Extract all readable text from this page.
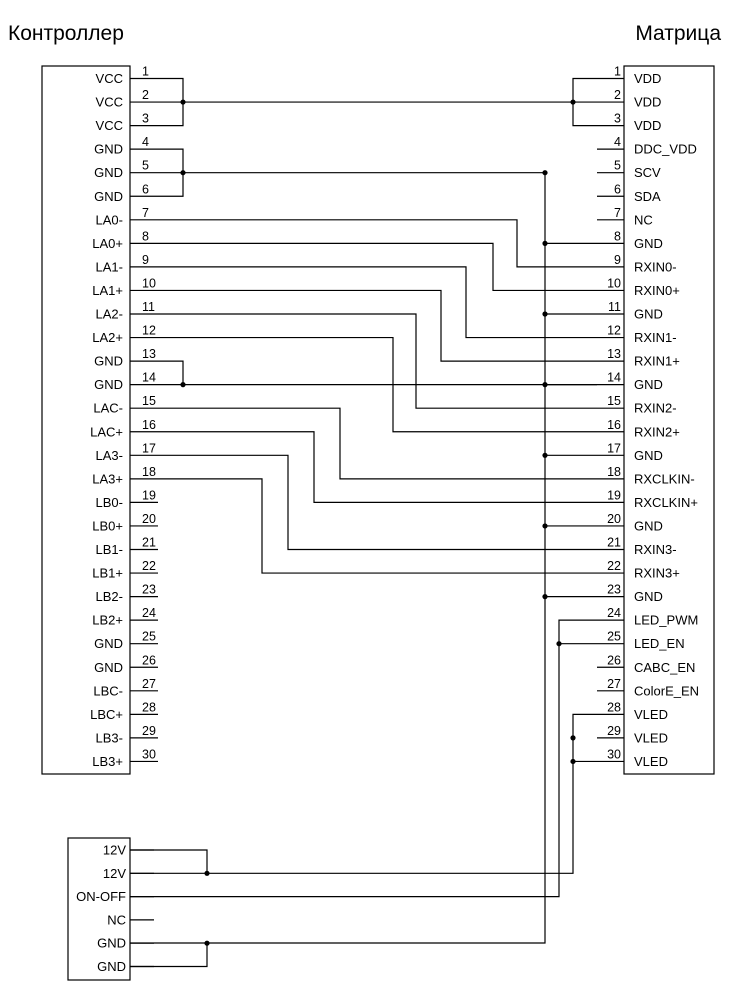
Контроллер	Матрица
VCC 1
VCC 2
VCC 3
GND 4
GND 5
GND 6
LA0- 7
LA0+ 8
LA1- 9
LA1+ 10
LA2- 11
LA2+ 12
GND 13
GND 14
LAC- 15
LAC+ 16
LA3- 17
LA3+ 18
LB0- 19
LB0+ 20
LB1- 21
LB1+ 22
LB2- 23
LB2+ 24
GND 25
GND 26
LBC- 27
LBC+ 28
LB3- 29
LB3+ 30
VDD
1
VDD
2
VDD
3
DDC_VDD
4
SCV
5
SDA
6
NC
7
GND
8
RXIN0-
9
RXIN0+
10
GND
11
RXIN1-
12
RXIN1+
13
GND
14
RXIN2-
15
RXIN2+
16
GND
17
RXCLKIN-
18
RXCLKIN+
19
GND
20
RXIN3-
21
RXIN3+
22
GND
23
LED_PWM
24
LED_EN
25
CABC_EN
26
ColorE_EN
27
VLED
28
VLED
29
VLED
30
12V
12V
ON-OFF
NC
GND
GND
